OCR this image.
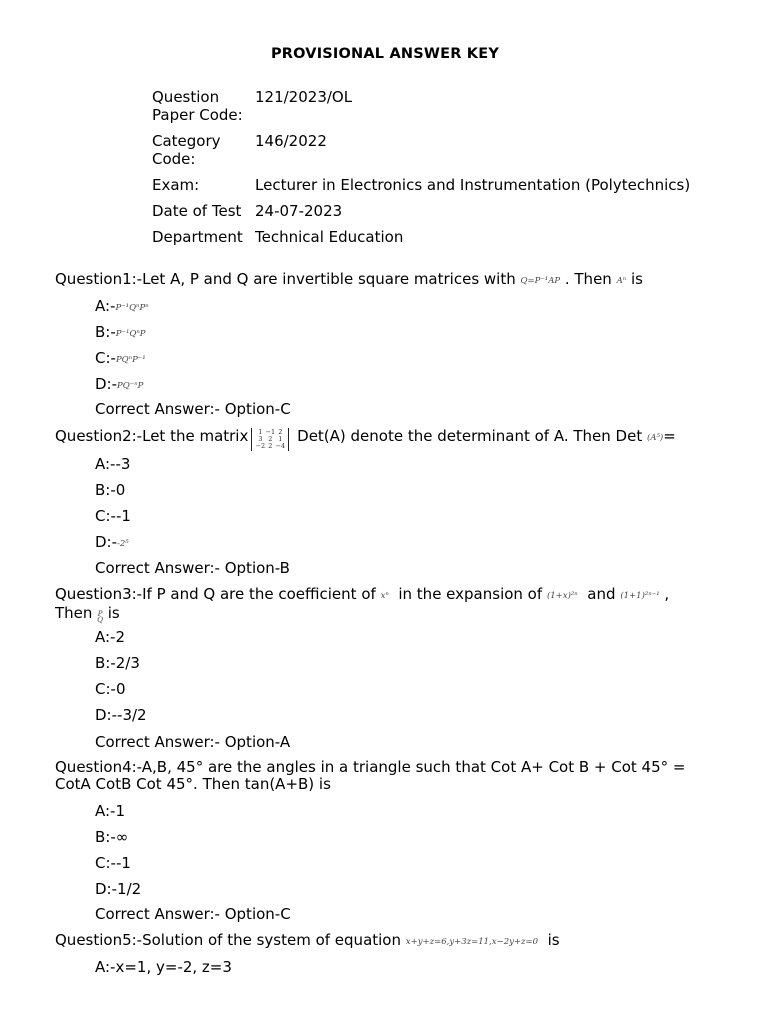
PROVISIONAL ANSWER KEY
Question Paper Code:	121/2023/OL
Category Code:	146/2022
Exam:	Lecturer in Electronics and Instrumentation (Polytechnics)
Date of Test	24-07-2023
Department	Technical Education
Question1:-Let A, P and Q are invertible square matrices with Q=P⁻¹AP . Then Aⁿ is
A:-P⁻¹QⁿPⁿ
B:-P⁻¹QⁿP
C:-PQⁿP⁻¹
D:-PQ⁻ⁿP
Correct Answer:- Option-C
Question2:-Let the matrix 1 −1 2
3 2 1
−2 2 −4 Det(A) denote the determinant of A. Then Det (A⁵)=
A:--3
B:-0
C:--1
D:--2⁵
Correct Answer:- Option-B
Question3:-If P and Q are the coefficient of xⁿ in the expansion of (1+x)²ⁿ and (1+1)²ⁿ⁻¹ ,
Then P
Q is
A:-2
B:-2/3
C:-0
D:--3/2
Correct Answer:- Option-A
Question4:-A,B, 45° are the angles in a triangle such that Cot A+ Cot B + Cot 45° = CotA CotB Cot 45°. Then tan(A+B) is
A:-1
B:-∞
C:--1
D:-1/2
Correct Answer:- Option-C
Question5:-Solution of the system of equation x+y+z=6,y+3z=11,x−2y+z=0 is
A:-x=1, y=-2, z=3
